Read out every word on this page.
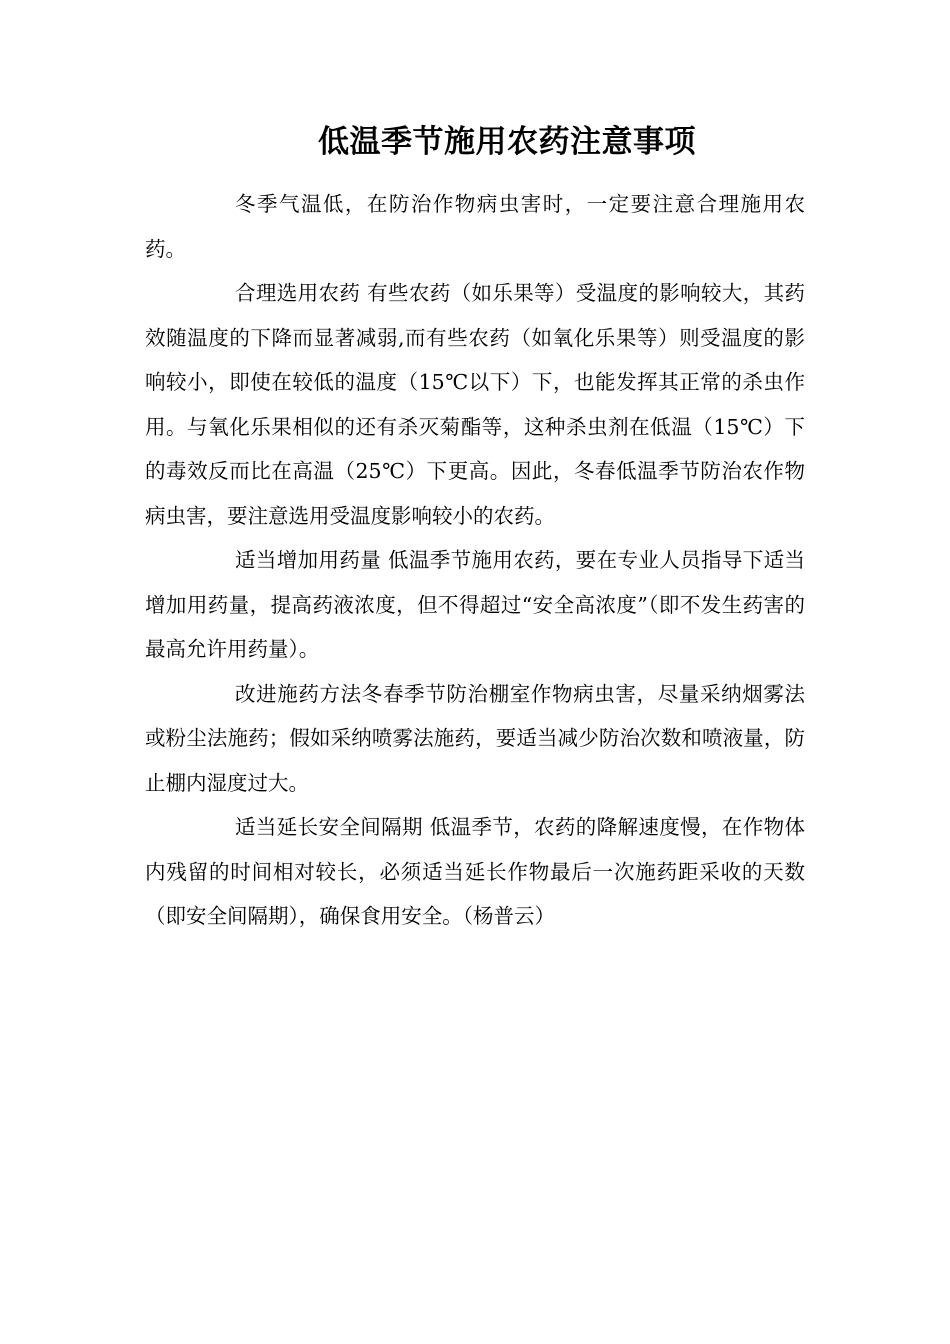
低温季节施用农药注意事项

冬季气温低，在防治作物病虫害时，一定要注意合理施用农药。

合理选用农药 有些农药（如乐果等）受温度的影响较大，其药效随温度的下降而显著减弱,而有些农药（如氧化乐果等）则受温度的影响较小，即使在较低的温度（15℃以下）下，也能发挥其正常的杀虫作用。与氧化乐果相似的还有杀灭菊酯等，这种杀虫剂在低温（15℃）下的毒效反而比在高温（25℃）下更高。因此，冬春低温季节防治农作物病虫害，要注意选用受温度影响较小的农药。

适当增加用药量 低温季节施用农药，要在专业人员指导下适当增加用药量，提高药液浓度，但不得超过“安全高浓度”（即不发生药害的最高允许用药量）。

改进施药方法冬春季节防治棚室作物病虫害，尽量采纳烟雾法或粉尘法施药；假如采纳喷雾法施药，要适当减少防治次数和喷液量，防止棚内湿度过大。

适当延长安全间隔期 低温季节，农药的降解速度慢，在作物体内残留的时间相对较长，必须适当延长作物最后一次施药距采收的天数（即安全间隔期），确保食用安全。（杨普云）
